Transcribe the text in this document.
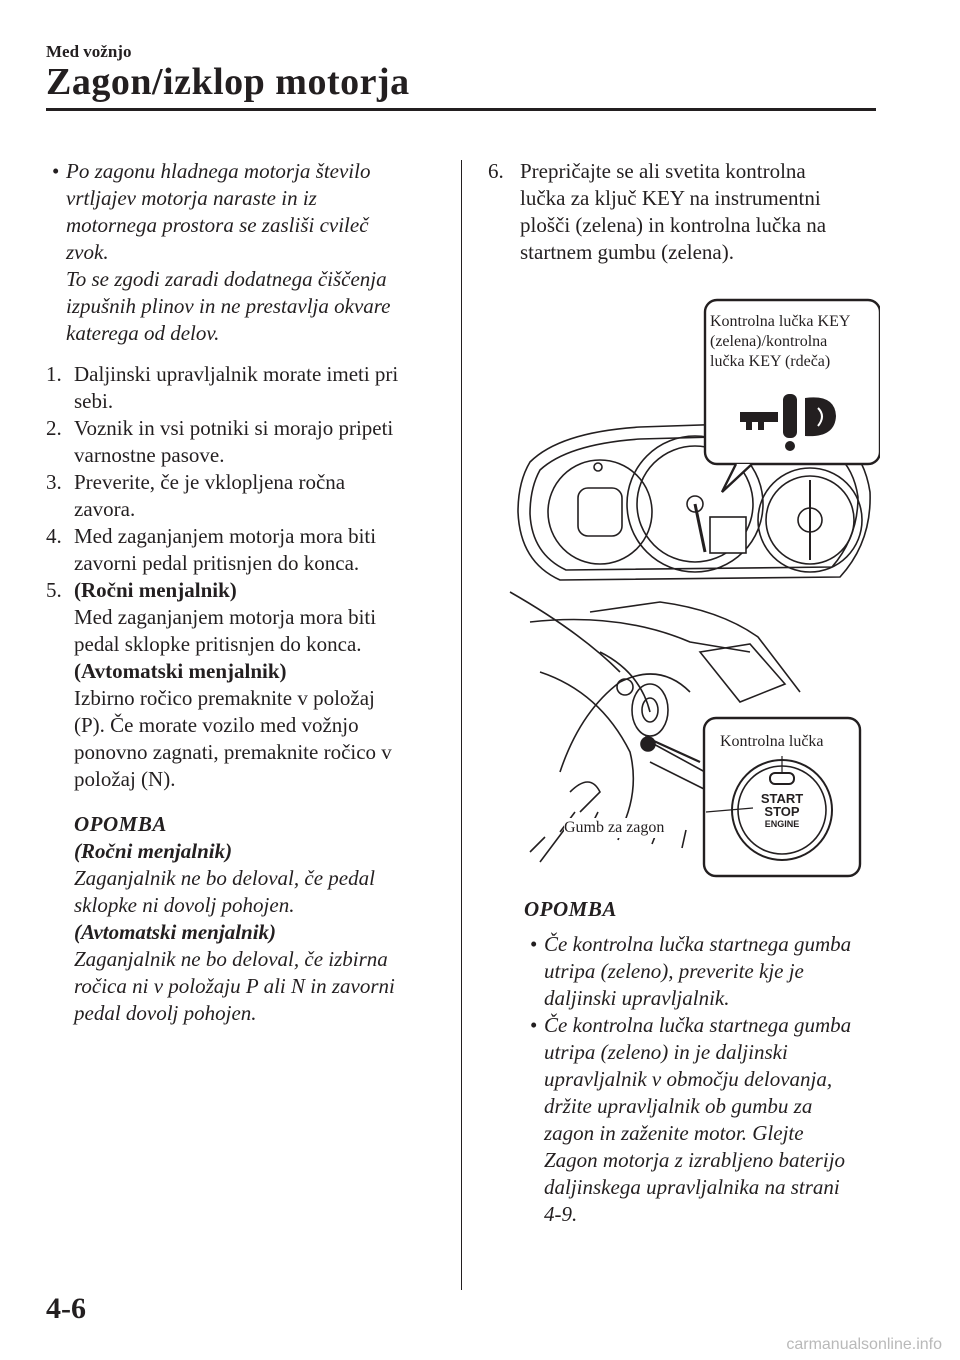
Med vožnjo
Zagon/izklop motorja
• Po zagonu hladnega motorja število

vrtljajev motorja naraste in iz

motornega prostora se zasliši cvileč

zvok.

To se zgodi zaradi dodatnega čiščenja

izpušnih plinov in ne prestavlja okvare

katerega od delov.

1. Daljinski upravljalnik morate imeti pri

sebi.

2. Voznik in vsi potniki si morajo pripeti

varnostne pasove.

3. Preverite, če je vklopljena ročna

zavora.

4. Med zaganjanjem motorja mora biti

zavorni pedal pritisnjen do konca.

5. (Ročni menjalnik)

Med zaganjanjem motorja mora biti

pedal sklopke pritisnjen do konca.

(Avtomatski menjalnik)

Izbirno ročico premaknite v položaj

(P). Če morate vozilo med vožnjo

ponovno zagnati, premaknite ročico v

položaj (N).

OPOMBA

(Ročni menjalnik)

Zaganjalnik ne bo deloval, če pedal

sklopke ni dovolj pohojen.

(Avtomatski menjalnik)

Zaganjalnik ne bo deloval, če izbirna

ročica ni v položaju P ali N in zavorni

pedal dovolj pohojen.

6. Prepričajte se ali svetita kontrolna

lučka za ključ KEY na instrumentni

plošči (zelena) in kontrolna lučka na

startnem gumbu (zelena).

Kontrolna lučka KEY
(zelena)/kontrolna
lučka KEY (rdeča)
Kontrolna lučka
Gumb za zagon
START
STOP
ENGINE
OPOMBA
• Če kontrolna lučka startnega gumba

utripa (zeleno), preverite kje je

daljinski upravljalnik.

• Če kontrolna lučka startnega gumba

utripa (zeleno) in je daljinski

upravljalnik v območju delovanja,

držite upravljalnik ob gumbu za

zagon in zaženite motor. Glejte

Zagon motorja z izrabljeno baterijo

daljinskega upravljalnika na strani

4-9.

4-6
carmanualsonline.info
